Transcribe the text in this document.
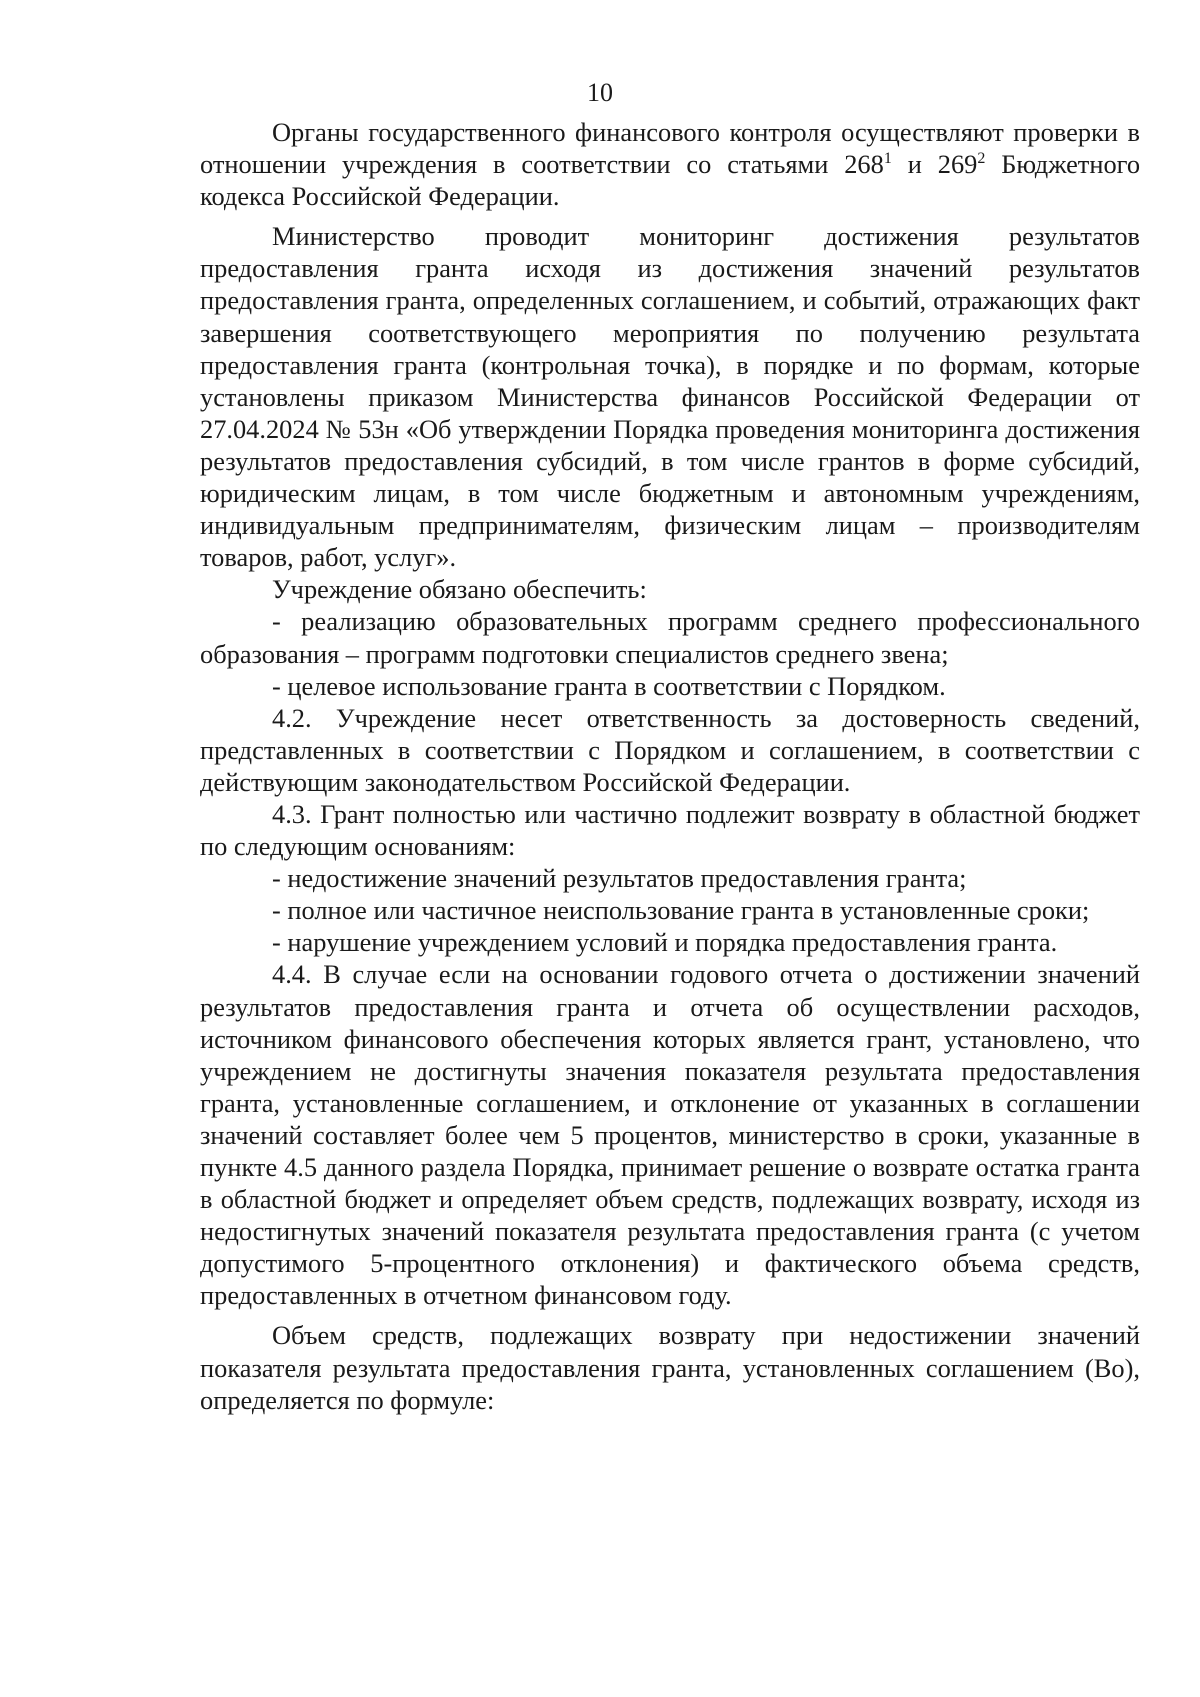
10

Органы государственного финансового контроля осуществляют проверки в отношении учреждения в соответствии со статьями $268^1$ и $269^2$ Бюджетного кодекса Российской Федерации.

Министерство проводит мониторинг достижения результатов предоставления гранта исходя из достижения значений результатов предоставления гранта, определенных соглашением, и событий, отражающих факт завершения соответствующего мероприятия по получению результата предоставления гранта (контрольная точка), в порядке и по формам, которые установлены приказом Министерства финансов Российской Федерации от 27.04.2024 № 53н «Об утверждении Порядка проведения мониторинга достижения результатов предоставления субсидий, в том числе грантов в форме субсидий, юридическим лицам, в том числе бюджетным и автономным учреждениям, индивидуальным предпринимателям, физическим лицам – производителям товаров, работ, услуг».

Учреждение обязано обеспечить:

- реализацию образовательных программ среднего профессионального образования – программ подготовки специалистов среднего звена;

- целевое использование гранта в соответствии с Порядком.

4.2. Учреждение несет ответственность за достоверность сведений, представленных в соответствии с Порядком и соглашением, в соответствии с действующим законодательством Российской Федерации.

4.3. Грант полностью или частично подлежит возврату в областной бюджет по следующим основаниям:

- недостижение значений результатов предоставления гранта;

- полное или частичное неиспользование гранта в установленные сроки;

- нарушение учреждением условий и порядка предоставления гранта.

4.4. В случае если на основании годового отчета о достижении значений результатов предоставления гранта и отчета об осуществлении расходов, источником финансового обеспечения которых является грант, установлено, что учреждением не достигнуты значения показателя результата предоставления гранта, установленные соглашением, и отклонение от указанных в соглашении значений составляет более чем 5 процентов, министерство в сроки, указанные в пункте 4.5 данного раздела Порядка, принимает решение о возврате остатка гранта в областной бюджет и определяет объем средств, подлежащих возврату, исходя из недостигнутых значений показателя результата предоставления гранта (с учетом допустимого 5-процентного отклонения) и фактического объема средств, предоставленных в отчетном финансовом году.

Объем средств, подлежащих возврату при недостижении значений показателя результата предоставления гранта, установленных соглашением (Во), определяется по формуле:
